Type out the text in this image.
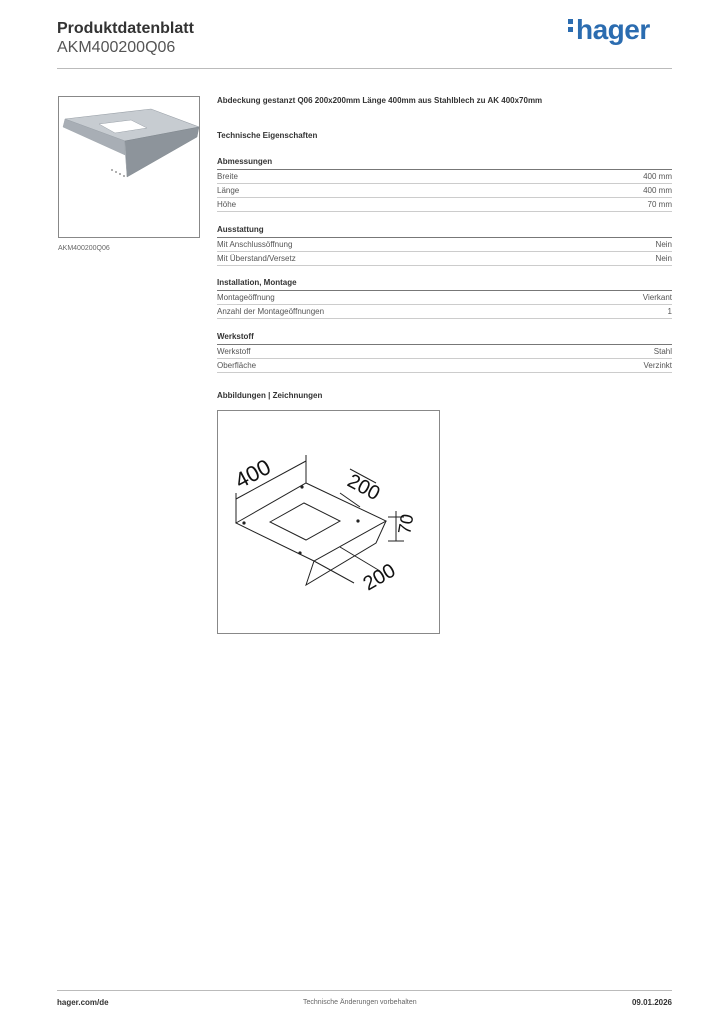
Produktdatenblatt
AKM400200Q06
hager
AKM400200Q06
Abdeckung gestanzt Q06 200x200mm Länge 400mm aus Stahlblech zu AK 400x70mm
Technische Eigenschaften
Abmessungen
Breite	400 mm
Länge	400 mm
Höhe	70 mm
Ausstattung
Mit Anschlussöffnung	Nein
Mit Überstand/Versetz	Nein
Installation, Montage
Montageöffnung	Vierkant
Anzahl der Montageöffnungen	1
Werkstoff
Werkstoff	Stahl
Oberfläche	Verzinkt
Abbildungen | Zeichnungen
400	200
70
200
hager.com/de	Technische Änderungen vorbehalten	09.01.2026
